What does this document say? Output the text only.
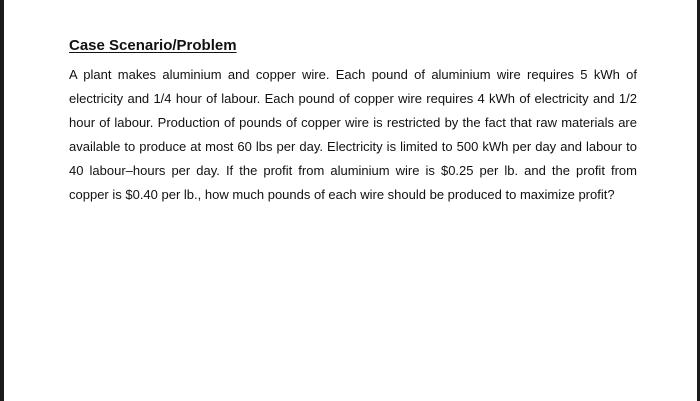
Case Scenario/Problem

A plant makes aluminium and copper wire. Each pound of aluminium wire requires 5 kWh of electricity and 1/4 hour of labour. Each pound of copper wire requires 4 kWh of electricity and 1/2 hour of labour. Production of pounds of copper wire is restricted by the fact that raw materials are available to produce at most 60 lbs per day. Electricity is limited to 500 kWh per day and labour to 40 labour–hours per day. If the profit from aluminium wire is $0.25 per lb. and the profit from copper is $0.40 per lb., how much pounds of each wire should be produced to maximize profit?
